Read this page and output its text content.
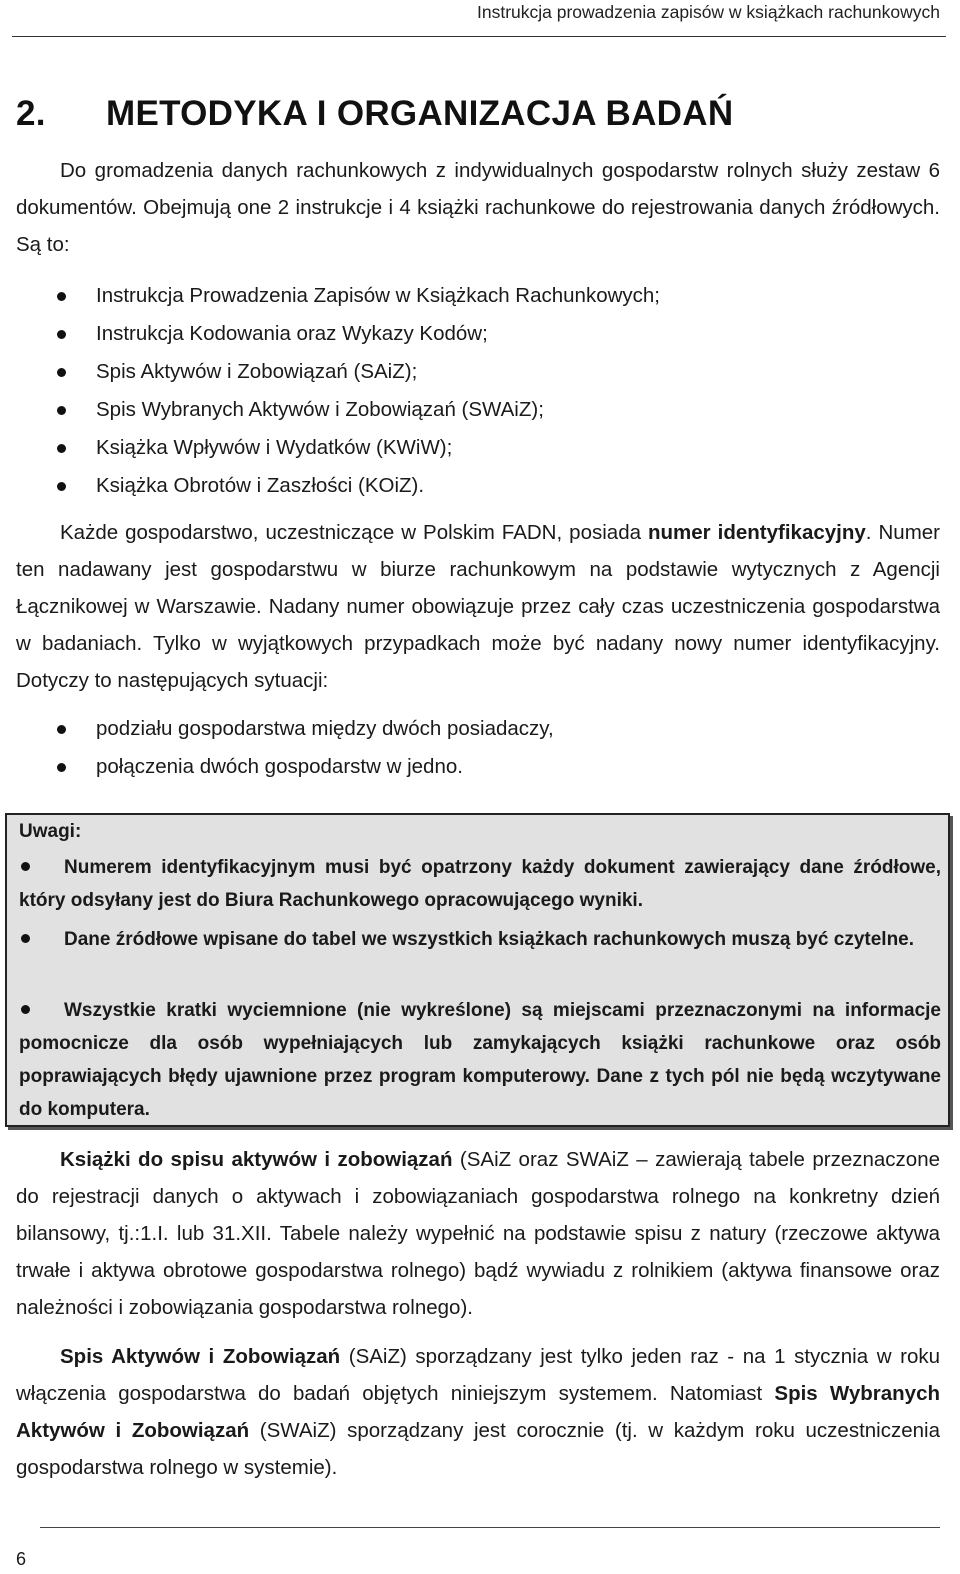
Instrukcja prowadzenia zapisów w książkach rachunkowych
2. METODYKA I ORGANIZACJA BADAŃ

Do gromadzenia danych rachunkowych z indywidualnych gospodarstw rolnych służy zestaw 6 dokumentów. Obejmują one 2 instrukcje i 4 książki rachunkowe do rejestrowania danych źródłowych. Są to:

Instrukcja Prowadzenia Zapisów w Książkach Rachunkowych;
Instrukcja Kodowania oraz Wykazy Kodów;
Spis Aktywów i Zobowiązań (SAiZ);
Spis Wybranych Aktywów i Zobowiązań (SWAiZ);
Książka Wpływów i Wydatków (KWiW);
Książka Obrotów i Zaszłości (KOiZ).

Każde gospodarstwo, uczestniczące w Polskim FADN, posiada numer identyfikacyjny. Numer ten nadawany jest gospodarstwu w biurze rachunkowym na podstawie wytycznych z Agencji Łącznikowej w Warszawie. Nadany numer obowiązuje przez cały czas uczestniczenia gospodarstwa w badaniach. Tylko w wyjątkowych przypadkach może być nadany nowy numer identyfikacyjny. Dotyczy to następujących sytuacji:

podziału gospodarstwa między dwóch posiadaczy,
połączenia dwóch gospodarstw w jedno.
Uwagi:

Numerem identyfikacyjnym musi być opatrzony każdy dokument zawierający dane źródłowe, który odsyłany jest do Biura Rachunkowego opracowującego wyniki.

Dane źródłowe wpisane do tabel we wszystkich książkach rachunkowych muszą być czytelne.

Wszystkie kratki wyciemnione (nie wykreślone) są miejscami przeznaczonymi na informacje pomocnicze dla osób wypełniających lub zamykających książki rachunkowe oraz osób poprawiających błędy ujawnione przez program komputerowy. Dane z tych pól nie będą wczytywane do komputera.

Książki do spisu aktywów i zobowiązań (SAiZ oraz SWAiZ – zawierają tabele przeznaczone do rejestracji danych o aktywach i zobowiązaniach gospodarstwa rolnego na konkretny dzień bilansowy, tj.:1.I. lub 31.XII. Tabele należy wypełnić na podstawie spisu z natury (rzeczowe aktywa trwałe i aktywa obrotowe gospodarstwa rolnego) bądź wywiadu z rolnikiem (aktywa finansowe oraz należności i zobowiązania gospodarstwa rolnego).

Spis Aktywów i Zobowiązań (SAiZ) sporządzany jest tylko jeden raz - na 1 stycznia w roku włączenia gospodarstwa do badań objętych niniejszym systemem. Natomiast Spis Wybranych Aktywów i Zobowiązań (SWAiZ) sporządzany jest corocznie (tj. w każdym roku uczestniczenia gospodarstwa rolnego w systemie).

6
